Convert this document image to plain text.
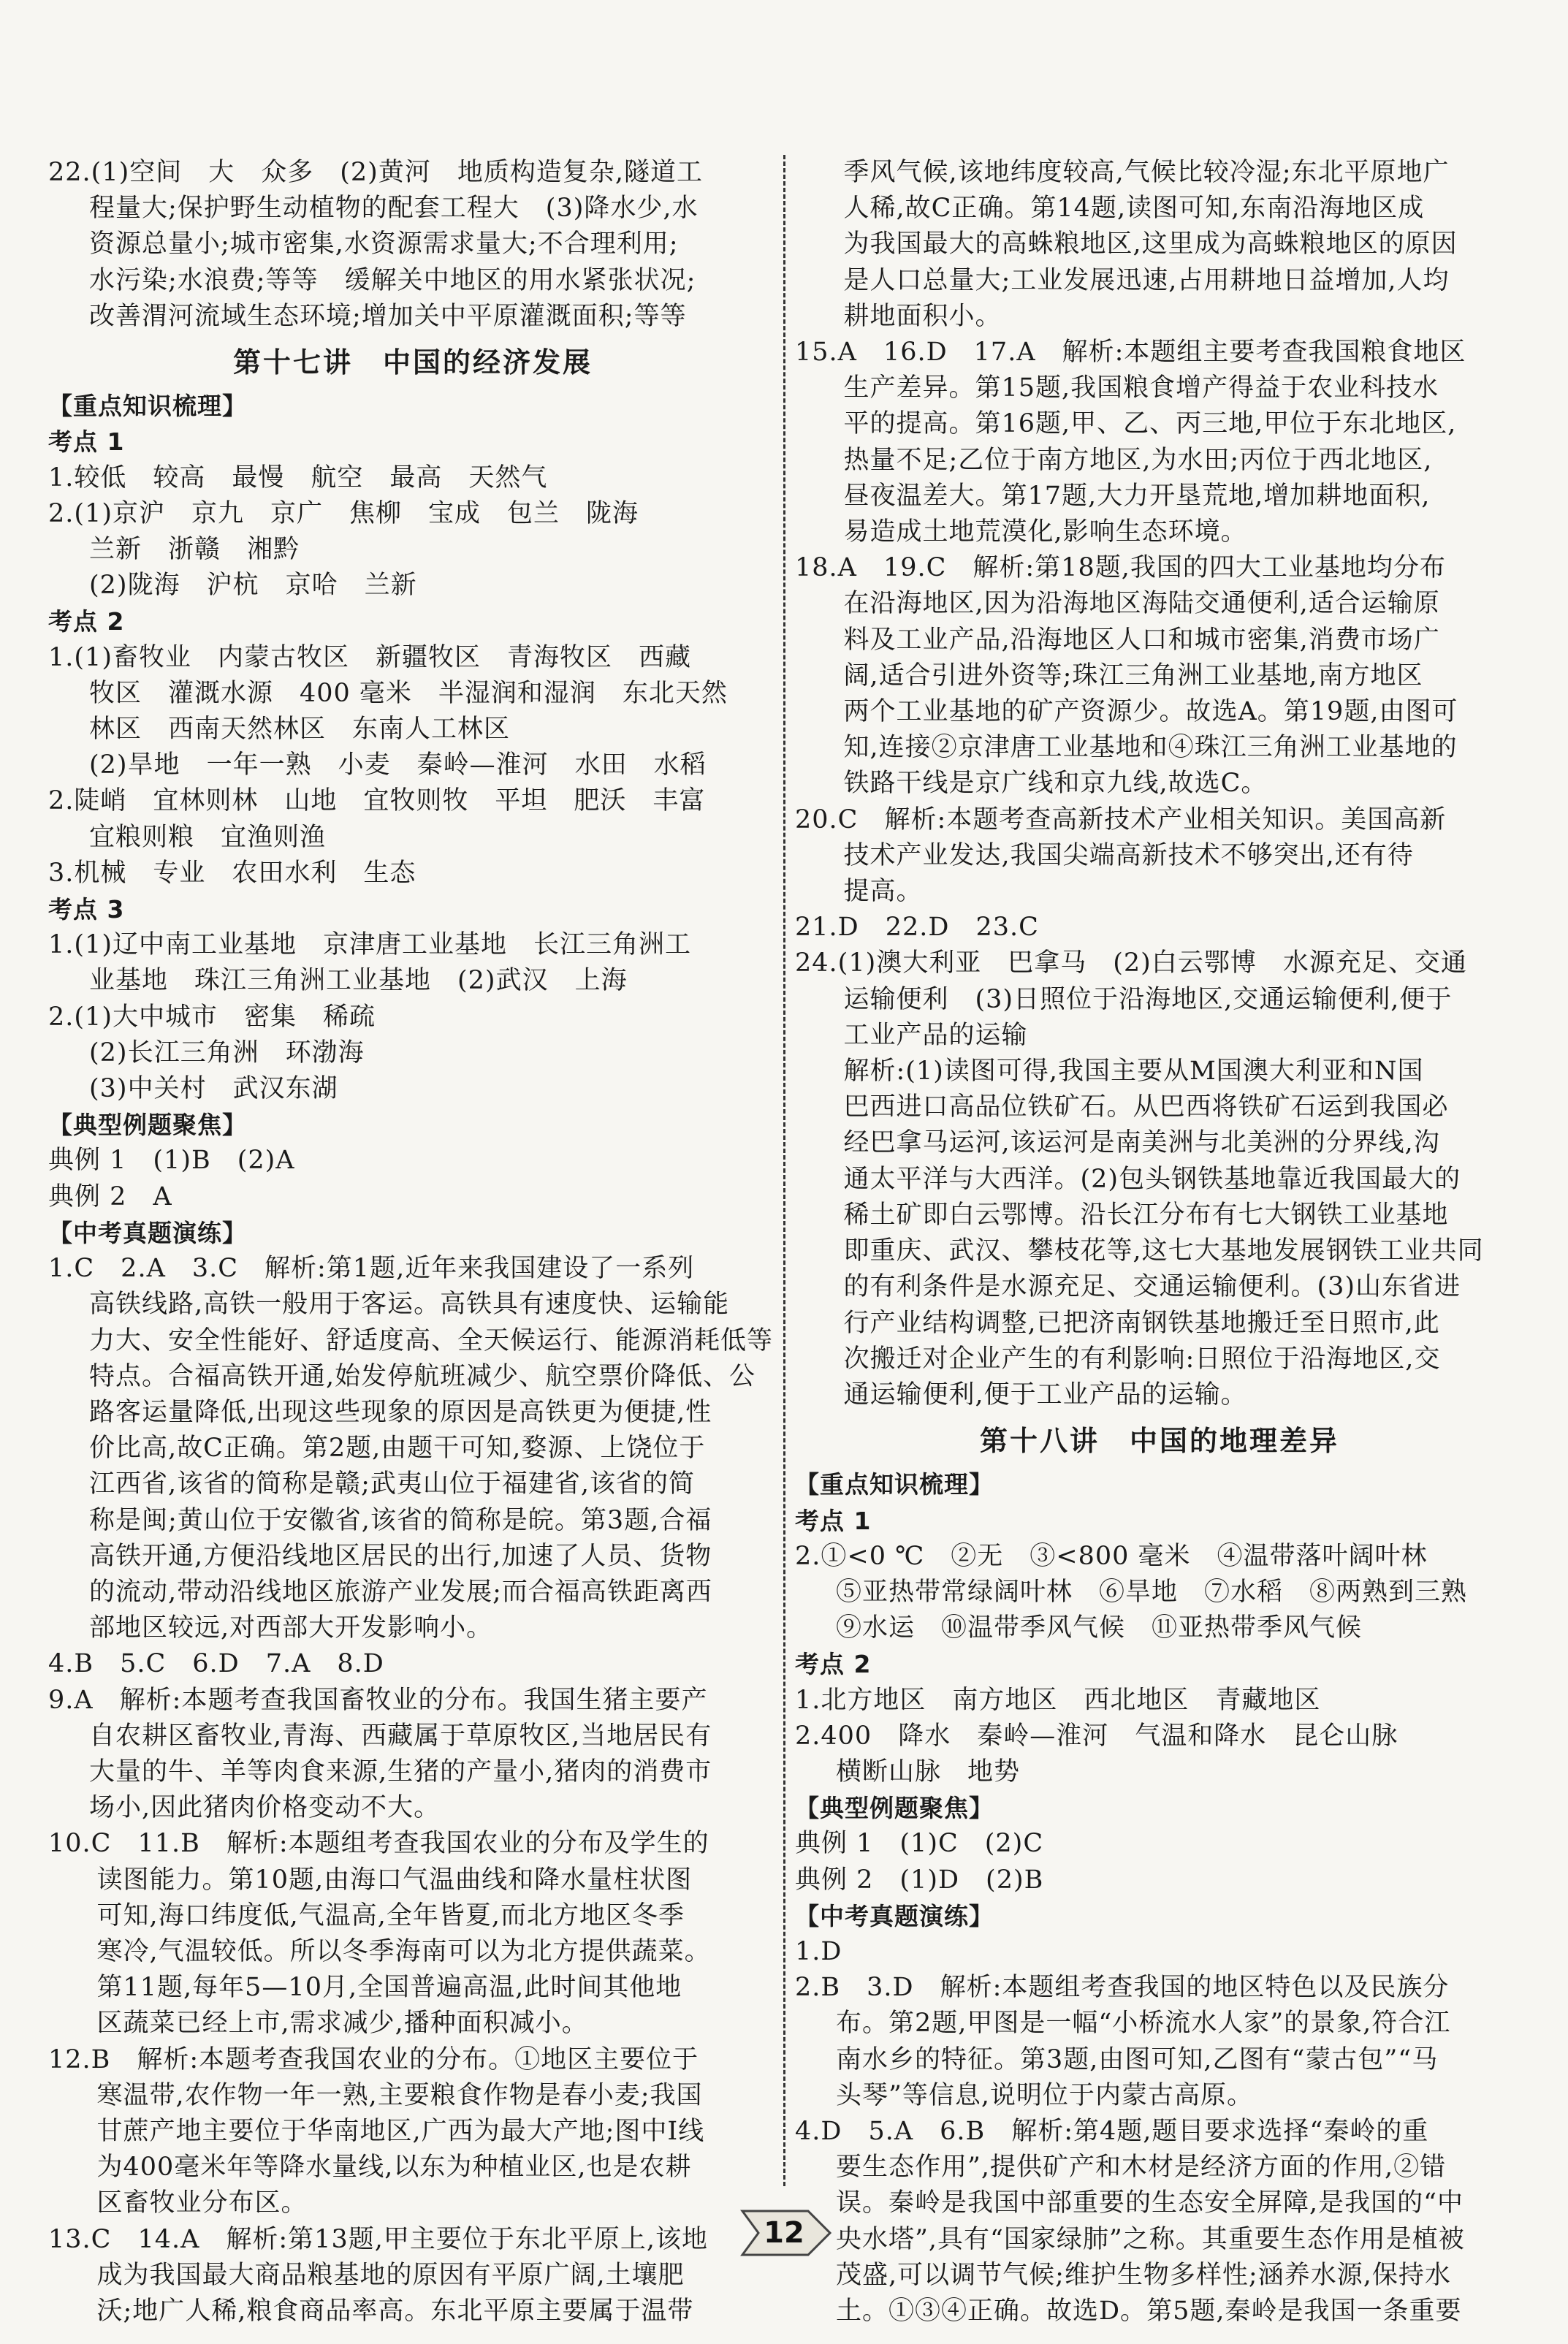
22.(1)空间　大　众多　(2)黄河　地质构造复杂,隧道工
程量大;保护野生动植物的配套工程大　(3)降水少,水
资源总量小;城市密集,水资源需求量大;不合理利用;
水污染;水浪费;等等　缓解关中地区的用水紧张状况;
改善渭河流域生态环境;增加关中平原灌溉面积;等等
第十七讲　中国的经济发展
【重点知识梳理】
考点 1
1.较低　较高　最慢　航空　最高　天然气
2.(1)京沪　京九　京广　焦柳　宝成　包兰　陇海
兰新　浙赣　湘黔
(2)陇海　沪杭　京哈　兰新
考点 2
1.(1)畜牧业　内蒙古牧区　新疆牧区　青海牧区　西藏
牧区　灌溉水源　400 毫米　半湿润和湿润　东北天然
林区　西南天然林区　东南人工林区
(2)旱地　一年一熟　小麦　秦岭—淮河　水田　水稻
2.陡峭　宜林则林　山地　宜牧则牧　平坦　肥沃　丰富
宜粮则粮　宜渔则渔
3.机械　专业　农田水利　生态
考点 3
1.(1)辽中南工业基地　京津唐工业基地　长江三角洲工
业基地　珠江三角洲工业基地　(2)武汉　上海
2.(1)大中城市　密集　稀疏
(2)长江三角洲　环渤海
(3)中关村　武汉东湖
【典型例题聚焦】
典例 1　(1)B　(2)A
典例 2　A
【中考真题演练】
1.C　2.A　3.C　解析:第1题,近年来我国建设了一系列
高铁线路,高铁一般用于客运。高铁具有速度快、运输能
力大、安全性能好、舒适度高、全天候运行、能源消耗低等
特点。合福高铁开通,始发停航班减少、航空票价降低、公
路客运量降低,出现这些现象的原因是高铁更为便捷,性
价比高,故C正确。第2题,由题干可知,婺源、上饶位于
江西省,该省的简称是赣;武夷山位于福建省,该省的简
称是闽;黄山位于安徽省,该省的简称是皖。第3题,合福
高铁开通,方便沿线地区居民的出行,加速了人员、货物
的流动,带动沿线地区旅游产业发展;而合福高铁距离西
部地区较远,对西部大开发影响小。
4.B　5.C　6.D　7.A　8.D
9.A　解析:本题考查我国畜牧业的分布。我国生猪主要产
自农耕区畜牧业,青海、西藏属于草原牧区,当地居民有
大量的牛、羊等肉食来源,生猪的产量小,猪肉的消费市
场小,因此猪肉价格变动不大。
10.C　11.B　解析:本题组考查我国农业的分布及学生的
读图能力。第10题,由海口气温曲线和降水量柱状图
可知,海口纬度低,气温高,全年皆夏,而北方地区冬季
寒冷,气温较低。所以冬季海南可以为北方提供蔬菜。
第11题,每年5—10月,全国普遍高温,此时间其他地
区蔬菜已经上市,需求减少,播种面积减小。
12.B　解析:本题考查我国农业的分布。①地区主要位于
寒温带,农作物一年一熟,主要粮食作物是春小麦;我国
甘蔗产地主要位于华南地区,广西为最大产地;图中Ⅰ线
为400毫米年等降水量线,以东为种植业区,也是农耕
区畜牧业分布区。
13.C　14.A　解析:第13题,甲主要位于东北平原上,该地
成为我国最大商品粮基地的原因有平原广阔,土壤肥
沃;地广人稀,粮食商品率高。东北平原主要属于温带
季风气候,该地纬度较高,气候比较冷湿;东北平原地广
人稀,故C正确。第14题,读图可知,东南沿海地区成
为我国最大的高蛛粮地区,这里成为高蛛粮地区的原因
是人口总量大;工业发展迅速,占用耕地日益增加,人均
耕地面积小。
15.A　16.D　17.A　解析:本题组主要考查我国粮食地区
生产差异。第15题,我国粮食增产得益于农业科技水
平的提高。第16题,甲、乙、丙三地,甲位于东北地区,
热量不足;乙位于南方地区,为水田;丙位于西北地区,
昼夜温差大。第17题,大力开垦荒地,增加耕地面积,
易造成土地荒漠化,影响生态环境。
18.A　19.C　解析:第18题,我国的四大工业基地均分布
在沿海地区,因为沿海地区海陆交通便利,适合运输原
料及工业产品,沿海地区人口和城市密集,消费市场广
阔,适合引进外资等;珠江三角洲工业基地,南方地区
两个工业基地的矿产资源少。故选A。第19题,由图可
知,连接②京津唐工业基地和④珠江三角洲工业基地的
铁路干线是京广线和京九线,故选C。
20.C　解析:本题考查高新技术产业相关知识。美国高新
技术产业发达,我国尖端高新技术不够突出,还有待
提高。
21.D　22.D　23.C
24.(1)澳大利亚　巴拿马　(2)白云鄂博　水源充足、交通
运输便利　(3)日照位于沿海地区,交通运输便利,便于
工业产品的运输
解析:(1)读图可得,我国主要从M国澳大利亚和N国
巴西进口高品位铁矿石。从巴西将铁矿石运到我国必
经巴拿马运河,该运河是南美洲与北美洲的分界线,沟
通太平洋与大西洋。(2)包头钢铁基地靠近我国最大的
稀土矿即白云鄂博。沿长江分布有七大钢铁工业基地
即重庆、武汉、攀枝花等,这七大基地发展钢铁工业共同
的有利条件是水源充足、交通运输便利。(3)山东省进
行产业结构调整,已把济南钢铁基地搬迁至日照市,此
次搬迁对企业产生的有利影响:日照位于沿海地区,交
通运输便利,便于工业产品的运输。
第十八讲　中国的地理差异
【重点知识梳理】
考点 1
2.①<0 ℃　②无　③<800 毫米　④温带落叶阔叶林
⑤亚热带常绿阔叶林　⑥旱地　⑦水稻　⑧两熟到三熟
⑨水运　⑩温带季风气候　⑪亚热带季风气候
考点 2
1.北方地区　南方地区　西北地区　青藏地区
2.400　降水　秦岭—淮河　气温和降水　昆仑山脉
横断山脉　地势
【典型例题聚焦】
典例 1　(1)C　(2)C
典例 2　(1)D　(2)B
【中考真题演练】
1.D
2.B　3.D　解析:本题组考查我国的地区特色以及民族分
布。第2题,甲图是一幅“小桥流水人家”的景象,符合江
南水乡的特征。第3题,由图可知,乙图有“蒙古包”“马
头琴”等信息,说明位于内蒙古高原。
4.D　5.A　6.B　解析:第4题,题目要求选择“秦岭的重
要生态作用”,提供矿产和木材是经济方面的作用,②错
误。秦岭是我国中部重要的生态安全屏障,是我国的“中
央水塔”,具有“国家绿肺”之称。其重要生态作用是植被
茂盛,可以调节气候;维护生物多样性;涵养水源,保持水
土。①③④正确。故选D。第5题,秦岭是我国一条重要
12
